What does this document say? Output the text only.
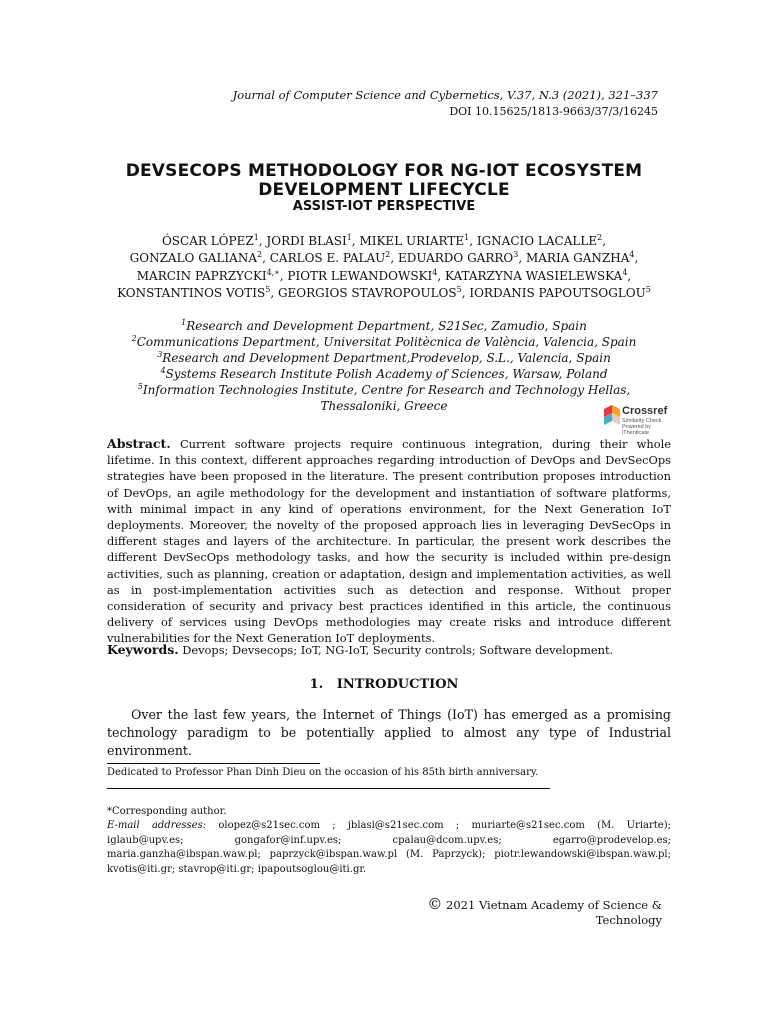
Journal of Computer Science and Cybernetics, V.37, N.3 (2021), 321–337
DOI 10.15625/1813-9663/37/3/16245
DEVSECOPS METHODOLOGY FOR NG-IOT ECOSYSTEM
DEVELOPMENT LIFECYCLE
ASSIST-IOT PERSPECTIVE
ÓSCAR LÓPEZ$^1$, JORDI BLASI$^1$, MIKEL URIARTE$^1$, IGNACIO LACALLE$^2$,
GONZALO GALIANA$^2$, CARLOS E. PALAU$^2$, EDUARDO GARRO$^3$, MARIA GANZHA$^4$,
MARCIN $PAPRZYCKI^{4,∗}$, PIOTR LEWANDOWSKI$^4$, KATARZYNA WASIELEWSKA$^4$,
KONSTANTINOS VOTIS$^5$, GEORGIOS STAVROPOULOS$^5$, IORDANIS PAPOUTSOGLOU$^5$
$^1$Research and Development Department, S21Sec, Zamudio, Spain
$^2$Communications Department, Universitat Politècnica de València, Valencia, Spain
$^3$Research and Development Department,Prodevelop, S.L., Valencia, Spain
$^4$Systems Research Institute Polish Academy of Sciences, Warsaw, Poland
$^5$Information Technologies Institute, Centre for Research and Technology Hellas,
Thessaloniki, Greece	Crossref
Similarity Check
Powered by iThenticate
Abstract. Current software projects require continuous integration, during their whole lifetime. In this context, different approaches regarding introduction of DevOps and DevSecOps strategies have been proposed in the literature. The present contribution proposes introduction of DevOps, an agile methodology for the development and instantiation of software platforms, with minimal impact in any kind of operations environment, for the Next Generation IoT deployments. Moreover, the novelty of the proposed approach lies in leveraging DevSecOps in different stages and layers of the architecture. In particular, the present work describes the different DevSecOps methodology tasks, and how the security is included within pre-design activities, such as planning, creation or adaptation, design and implementation activities, as well as in post-implementation activities such as detection and response. Without proper consideration of security and privacy best practices identified in this article, the continuous delivery of services using DevOps methodologies may create risks and introduce different vulnerabilities for the Next Generation IoT deployments.
Keywords. Devops; Devsecops; IoT, NG-IoT, Security controls; Software development.
1. INTRODUCTION
Over the last few years, the Internet of Things (IoT) has emerged as a promising technology paradigm to be potentially applied to almost any type of Industrial environment.
Dedicated to Professor Phan Dinh Dieu on the occasion of his 85th birth anniversary.
*Corresponding author.
E-mail addresses: olopez@s21sec.com ; jblasi@s21sec.com ; muriarte@s21sec.com (M. Uriarte); iglaub@upv.es; gongafor@inf.upv.es; cpalau@dcom.upv.es; egarro@prodevelop.es; maria.ganzha@ibspan.waw.pl; paprzyck@ibspan.waw.pl (M. Paprzyck); piotr.lewandowski@ibspan.waw.pl; kvotis@iti.gr; stavrop@iti.gr; ipapoutsoglou@iti.gr.
© 2021 Vietnam Academy of Science & Technology
